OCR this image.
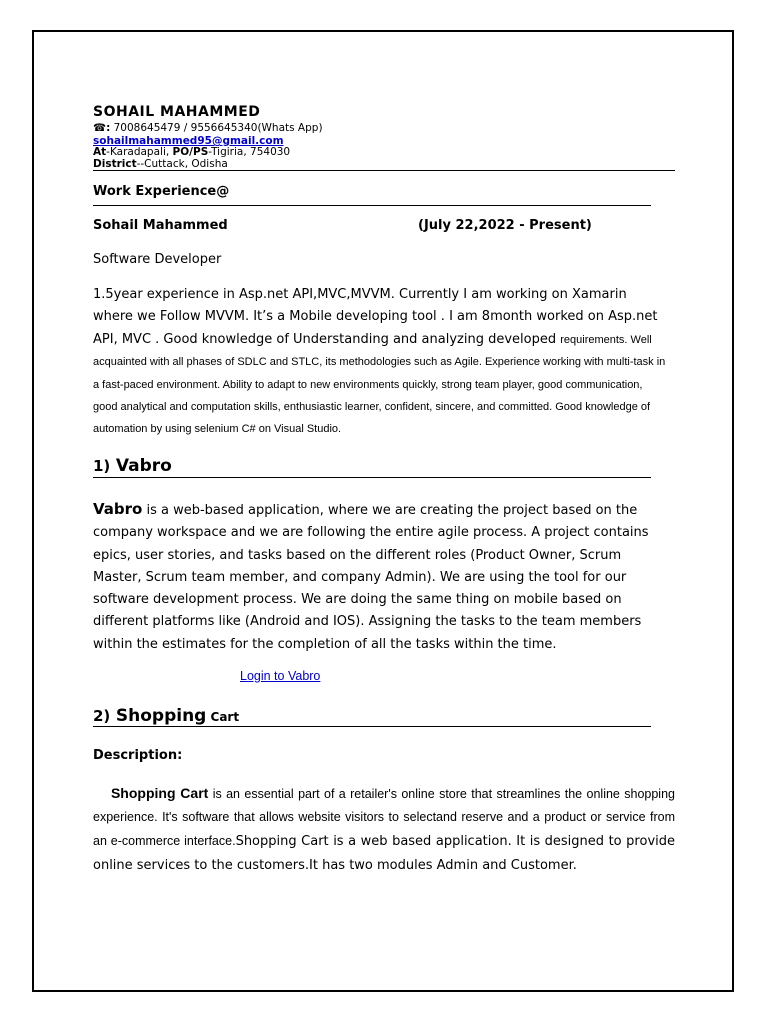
SOHAIL MAHAMMED
☎: 7008645479 / 9556645340(Whats App)
sohailmahammed95@gmail.com
At-Karadapali, PO/PS-Tigiria, 754030
District--Cuttack, Odisha
Work Experience@
Sohail Mahammed	(July 22,2022 - Present)
Software Developer
1.5year experience in Asp.net API,MVC,MVVM. Currently I am working on Xamarin where we Follow MVVM. It’s a Mobile developing tool . I am 8month worked on Asp.net API, MVC . Good knowledge of Understanding and analyzing developed requirements. Well acquainted with all phases of SDLC and STLC, its methodologies such as Agile. Experience working with multi-task in a fast-paced environment. Ability to adapt to new environments quickly, strong team player, good communication, good analytical and computation skills, enthusiastic learner, confident, sincere, and committed. Good knowledge of automation by using selenium C# on Visual Studio.
1) Vabro
Vabro is a web-based application, where we are creating the project based on the company workspace and we are following the entire agile process. A project contains epics, user stories, and tasks based on the different roles (Product Owner, Scrum Master, Scrum team member, and company Admin). We are using the tool for our software development process. We are doing the same thing on mobile based on different platforms like (Android and IOS). Assigning the tasks to the team members within the estimates for the completion of all the tasks within the time.
Login to Vabro
2) Shopping Cart
Description:
Shopping Cart is an essential part of a retailer's online store that streamlines the online shopping experience. It's software that allows website visitors to selectand reserve and a product or service from an e-commerce interface.Shopping Cart is a web based application. It is designed to provide online services to the customers.It has two modules Admin and Customer.
